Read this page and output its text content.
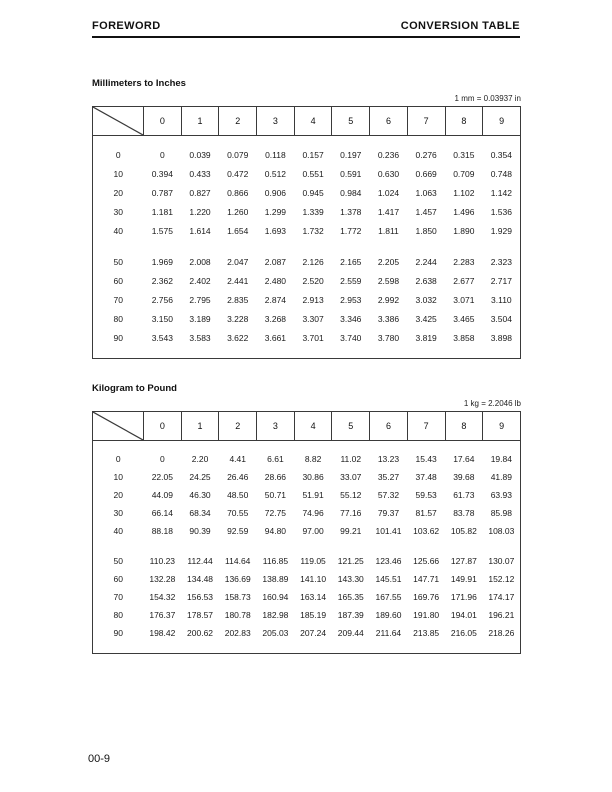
FOREWORD	CONVERSION TABLE
Millimeters to Inches
1 mm = 0.03937 in
	0	1	2	3	4	5	6	7	8	9
0	0	0.039	0.079	0.118	0.157	0.197	0.236	0.276	0.315	0.354
10	0.394	0.433	0.472	0.512	0.551	0.591	0.630	0.669	0.709	0.748
20	0.787	0.827	0.866	0.906	0.945	0.984	1.024	1.063	1.102	1.142
30	1.181	1.220	1.260	1.299	1.339	1.378	1.417	1.457	1.496	1.536
40	1.575	1.614	1.654	1.693	1.732	1.772	1.811	1.850	1.890	1.929

50	1.969	2.008	2.047	2.087	2.126	2.165	2.205	2.244	2.283	2.323
60	2.362	2.402	2.441	2.480	2.520	2.559	2.598	2.638	2.677	2.717
70	2.756	2.795	2.835	2.874	2.913	2.953	2.992	3.032	3.071	3.110
80	3.150	3.189	3.228	3.268	3.307	3.346	3.386	3.425	3.465	3.504
90	3.543	3.583	3.622	3.661	3.701	3.740	3.780	3.819	3.858	3.898
Kilogram to Pound
1 kg = 2.2046 lb
	0	1	2	3	4	5	6	7	8	9
0	0	2.20	4.41	6.61	8.82	11.02	13.23	15.43	17.64	19.84
10	22.05	24.25	26.46	28.66	30.86	33.07	35.27	37.48	39.68	41.89
20	44.09	46.30	48.50	50.71	51.91	55.12	57.32	59.53	61.73	63.93
30	66.14	68.34	70.55	72.75	74.96	77.16	79.37	81.57	83.78	85.98
40	88.18	90.39	92.59	94.80	97.00	99.21	101.41	103.62	105.82	108.03

50	110.23	112.44	114.64	116.85	119.05	121.25	123.46	125.66	127.87	130.07
60	132.28	134.48	136.69	138.89	141.10	143.30	145.51	147.71	149.91	152.12
70	154.32	156.53	158.73	160.94	163.14	165.35	167.55	169.76	171.96	174.17
80	176.37	178.57	180.78	182.98	185.19	187.39	189.60	191.80	194.01	196.21
90	198.42	200.62	202.83	205.03	207.24	209.44	211.64	213.85	216.05	218.26
00-9
